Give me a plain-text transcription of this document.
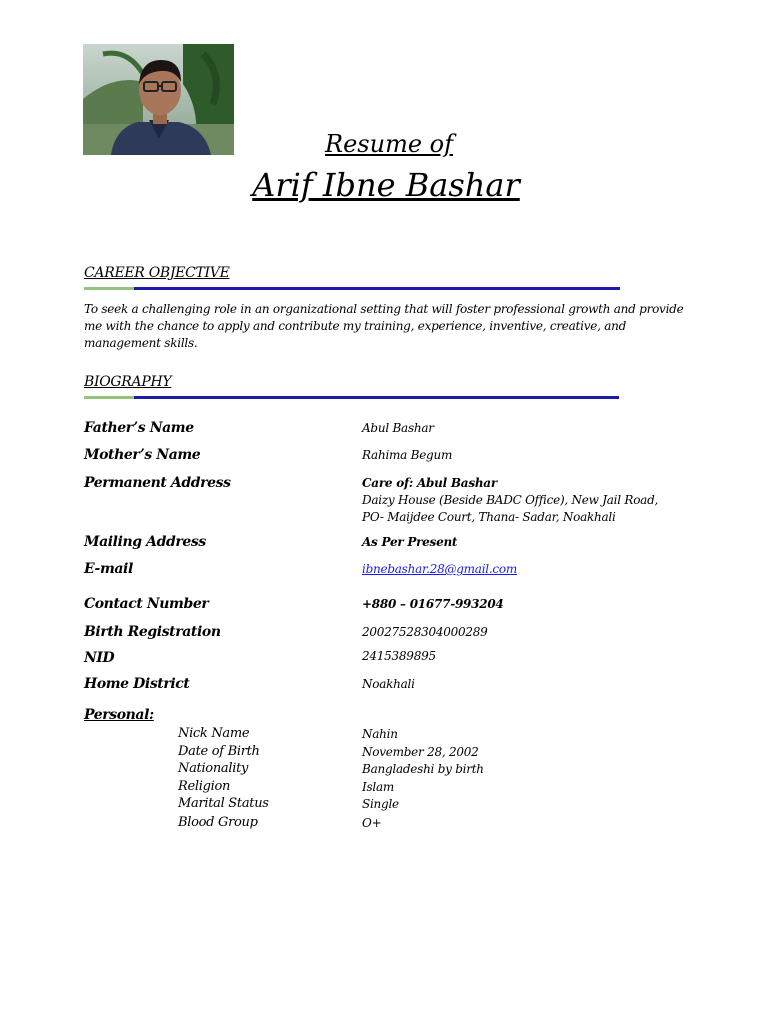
Resume of
Arif Ibne Bashar
CAREER OBJECTIVE
To seek a challenging role in an organizational setting that will foster professional growth and provide me with the chance to apply and contribute my training, experience, inventive, creative, and management skills.
BIOGRAPHY
Father’s Name	Abul Bashar
Mother’s Name	Rahima Begum
Permanent Address	Care of: Abul Bashar
Daizy House (Beside BADC Office), New Jail Road,
PO- Maijdee Court, Thana- Sadar, Noakhali
Mailing Address	As Per Present
E-mail	ibnebashar.28@gmail.com
Contact Number	+880 – 01677-993204
Birth Registration	20027528304000289
NID	2415389895
Home District	Noakhali
Personal:
Nick Name	Nahin
Date of Birth	November 28, 2002
Nationality	Bangladeshi by birth
Religion	Islam
Marital Status	Single
Blood Group	O+
